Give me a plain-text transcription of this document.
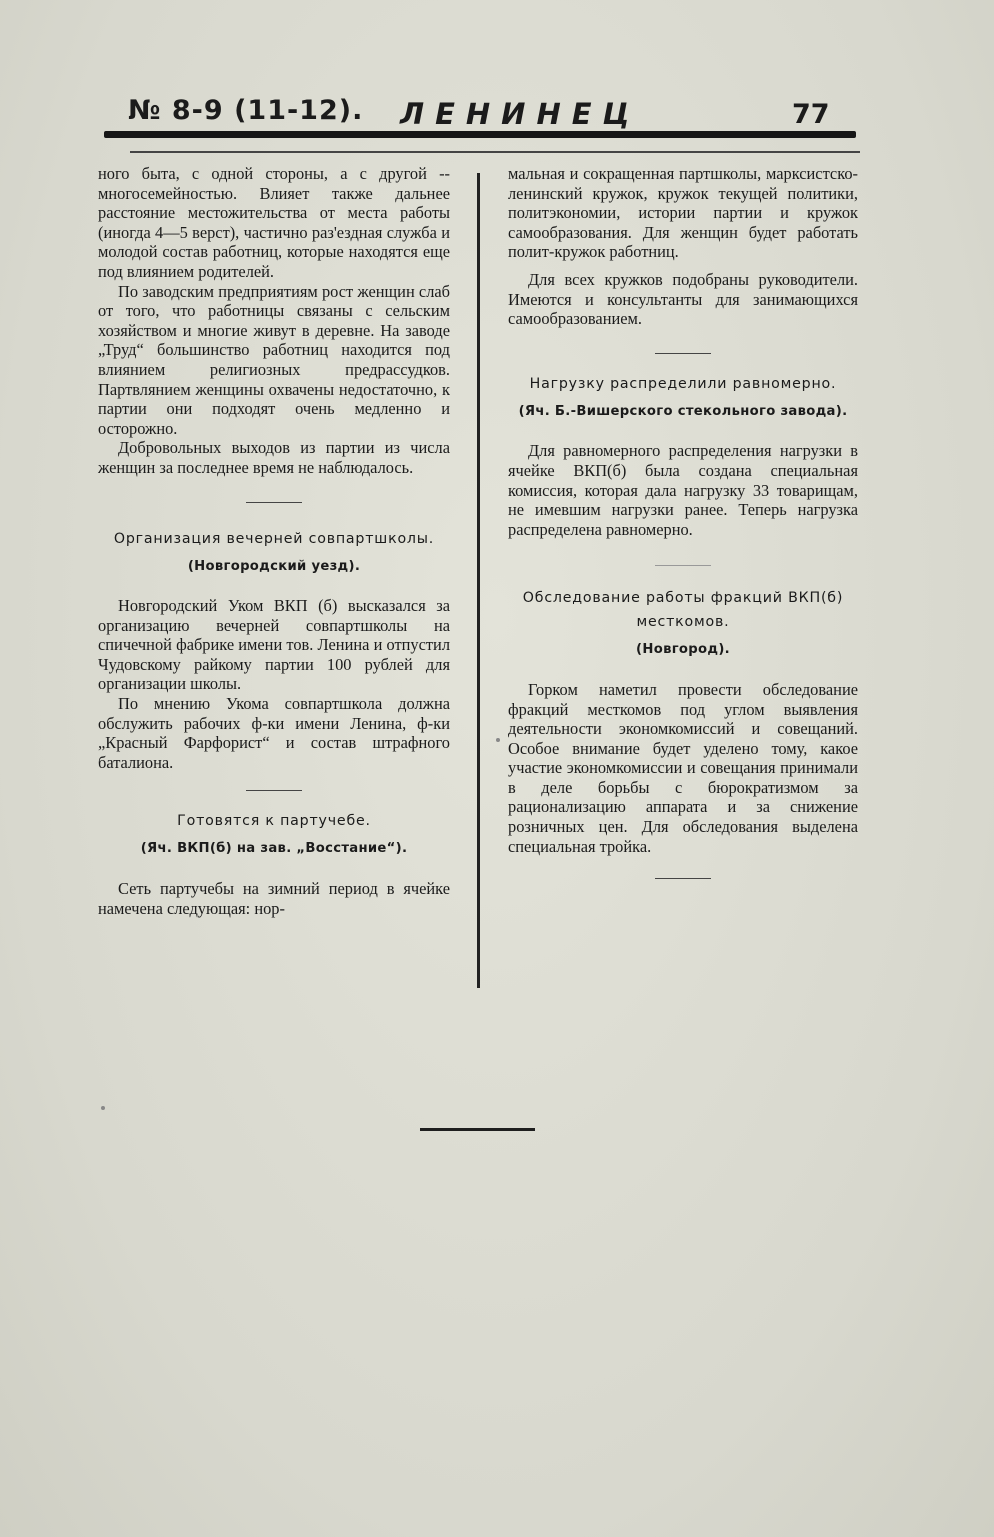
№ 8-9 (11-12). ЛЕНИНЕЦ	77

ного быта, с одной стороны, а с другой --многосемейностью. Влияет также дальнее расстояние местожительства от места работы (иногда 4—5 верст), частично раз'ездная служба и молодой состав работниц, которые находятся еще под влиянием родителей.

По заводским предприятиям рост женщин слаб от того, что работницы связаны с сельским хозяйством и многие живут в деревне. На заводе „Труд“ большинство работниц находится под влиянием религиозных предрассудков. Партвлянием женщины охвачены недостаточно, к партии они подходят очень медленно и осторожно.

Добровольных выходов из партии из числа женщин за последнее время не наблюдалось.

Организация вечерней совпартшколы.
(Новгородский уезд).

Новгородский Уком ВКП (б) высказался за организацию вечерней совпартшколы на спичечной фабрике имени тов. Ленина и отпустил Чудовскому райкому партии 100 рублей для организации школы.

По мнению Укома совпартшкола должна обслужить рабочих ф-ки имени Ленина, ф-ки „Красный Фарфорист“ и состав штрафного баталиона.

Готовятся к партучебе.
(Яч. ВКП(б) на зав. „Восстание“).

Сеть партучебы на зимний период в ячейке намечена следующая: нор-

мальная и сокращенная партшколы, марксистско-ленинский кружок, кружок текущей политики, политэкономии, истории партии и кружок самообразования. Для женщин будет работать полит-кружок работниц.

Для всех кружков подобраны руководители. Имеются и консультанты для занимающихся самообразованием.

Нагрузку распределили равномерно.
(Яч. Б.-Вишерского стекольного завода).

Для равномерного распределения нагрузки в ячейке ВКП(б) была создана специальная комиссия, которая дала нагрузку 33 товарищам, не имевшим нагрузки ранее. Теперь нагрузка распределена равномерно.

Обследование работы фракций ВКП(б) месткомов.
(Новгород).

Горком наметил провести обследование фракций месткомов под углом выявления деятельности экономкомиссий и совещаний. Особое внимание будет уделено тому, какое участие экономкомиссии и совещания принимали в деле борьбы с бюрократизмом за рационализацию аппарата и за снижение розничных цен. Для обследования выделена специальная тройка.
